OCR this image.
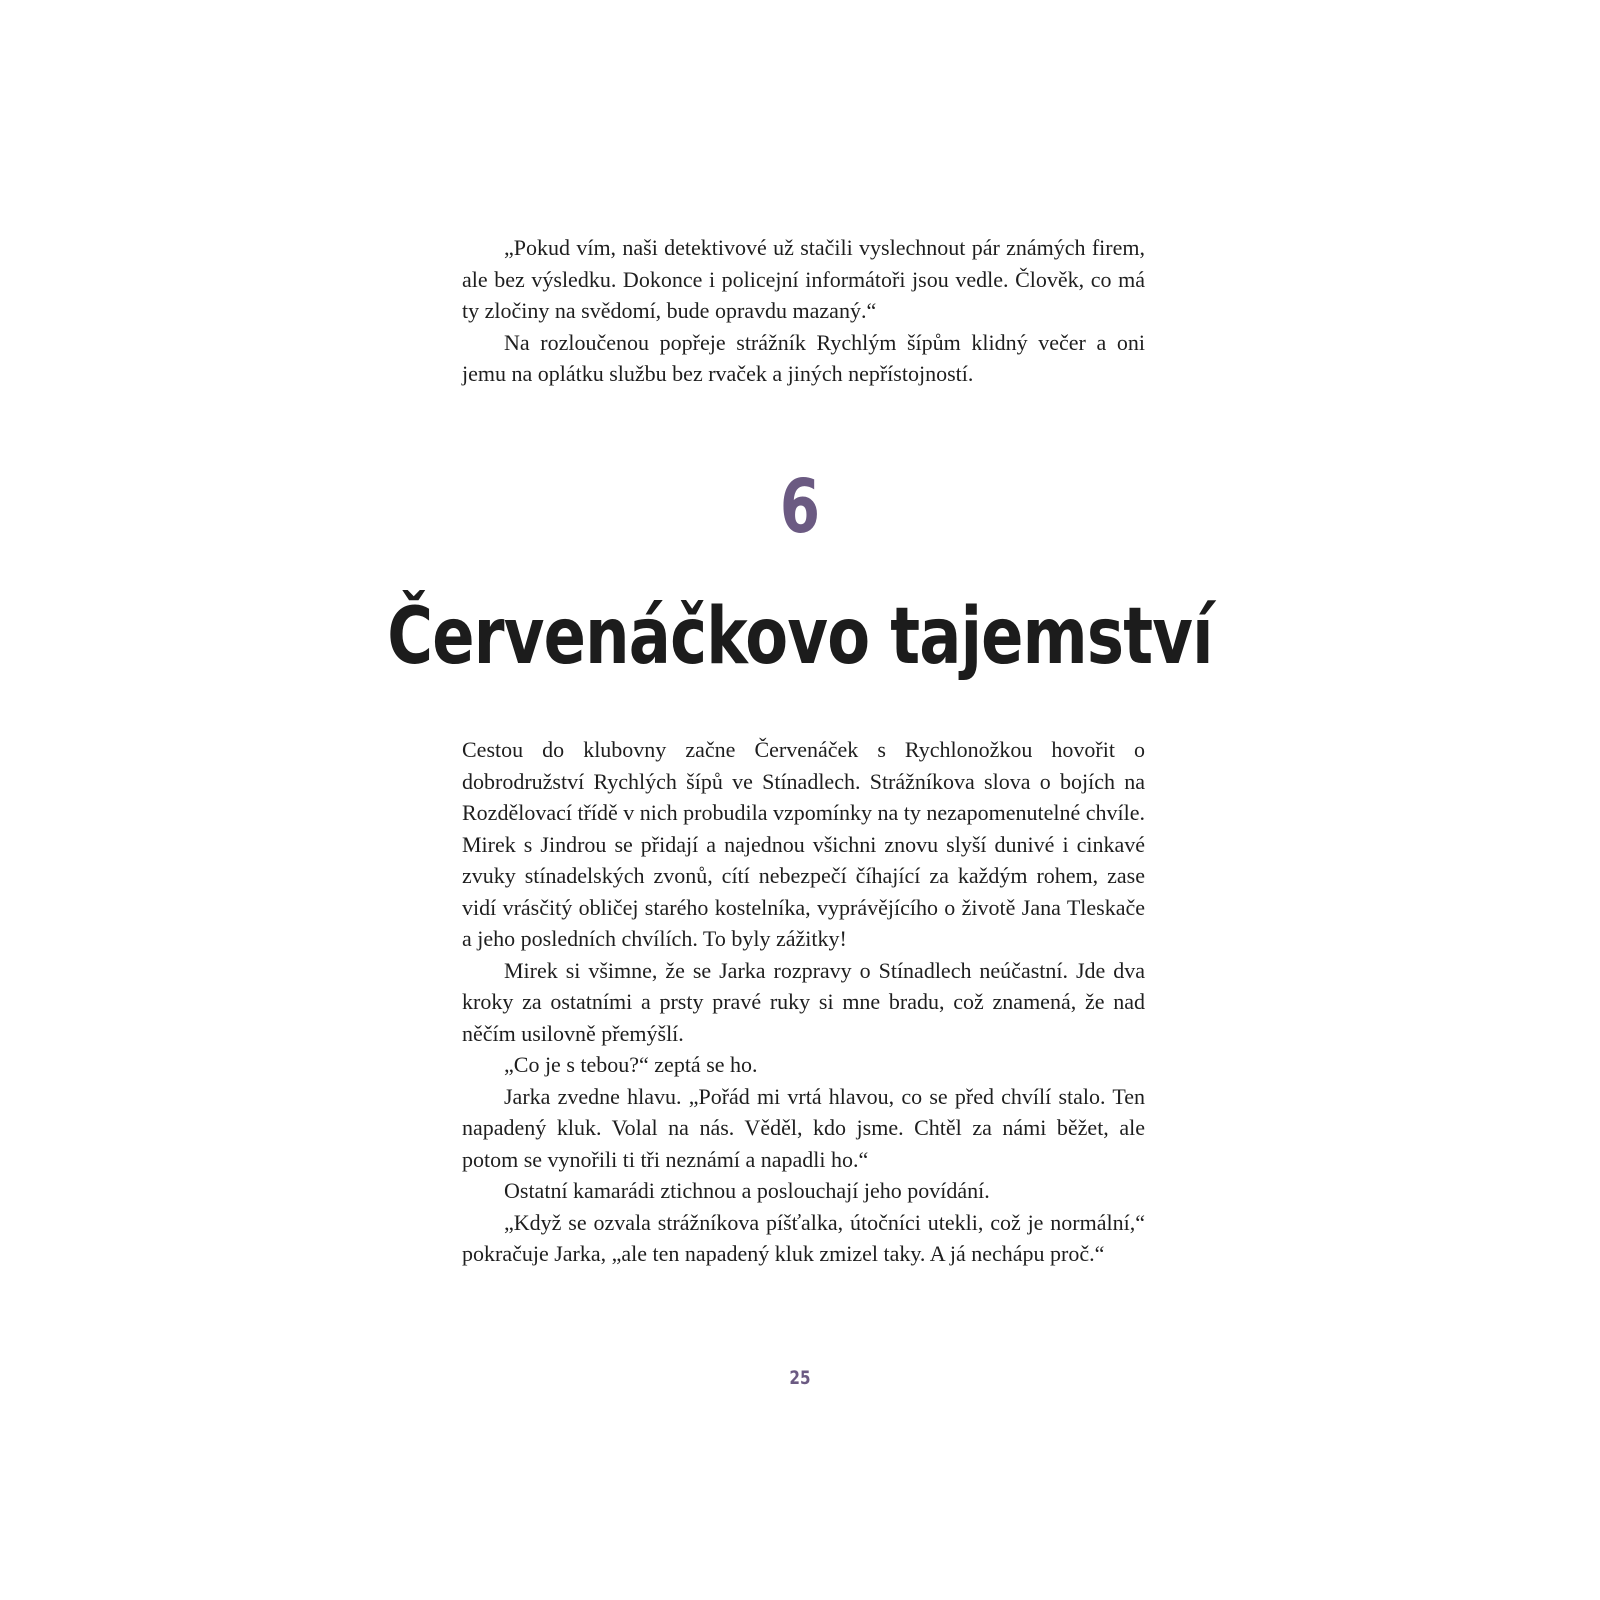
„Pokud vím, naši detektivové už stačili vyslechnout pár známých firem, ale bez výsledku. Dokonce i policejní informátoři jsou vedle. Člověk, co má ty zločiny na svědomí, bude opravdu mazaný.“

Na rozloučenou popřeje strážník Rychlým šípům klidný večer a oni jemu na oplátku službu bez rvaček a jiných nepřístojností.

6
Červenáčkovo tajemství

Cestou do klubovny začne Červenáček s Rychlonožkou hovořit o dobrodružství Rychlých šípů ve Stínadlech. Strážníkova slova o bojích na Rozdělovací třídě v nich probudila vzpomínky na ty nezapomenutelné chvíle. Mirek s Jindrou se přidají a najednou všichni znovu slyší dunivé i cinkavé zvuky stínadelských zvonů, cítí nebezpečí číhající za každým rohem, zase vidí vrásčitý obličej starého kostelníka, vyprávějícího o životě Jana Tleskače a jeho posledních chvílích. To byly zážitky!

Mirek si všimne, že se Jarka rozpravy o Stínadlech neúčastní. Jde dva kroky za ostatními a prsty pravé ruky si mne bradu, což znamená, že nad něčím usilovně přemýšlí.

„Co je s tebou?“ zeptá se ho.

Jarka zvedne hlavu. „Pořád mi vrtá hlavou, co se před chvílí stalo. Ten napadený kluk. Volal na nás. Věděl, kdo jsme. Chtěl za námi běžet, ale potom se vynořili ti tři neznámí a napadli ho.“

Ostatní kamarádi ztichnou a poslouchají jeho povídání.

„Když se ozvala strážníkova píšťalka, útočníci utekli, což je normální,“ pokračuje Jarka, „ale ten napadený kluk zmizel taky. A já nechápu proč.“

25
